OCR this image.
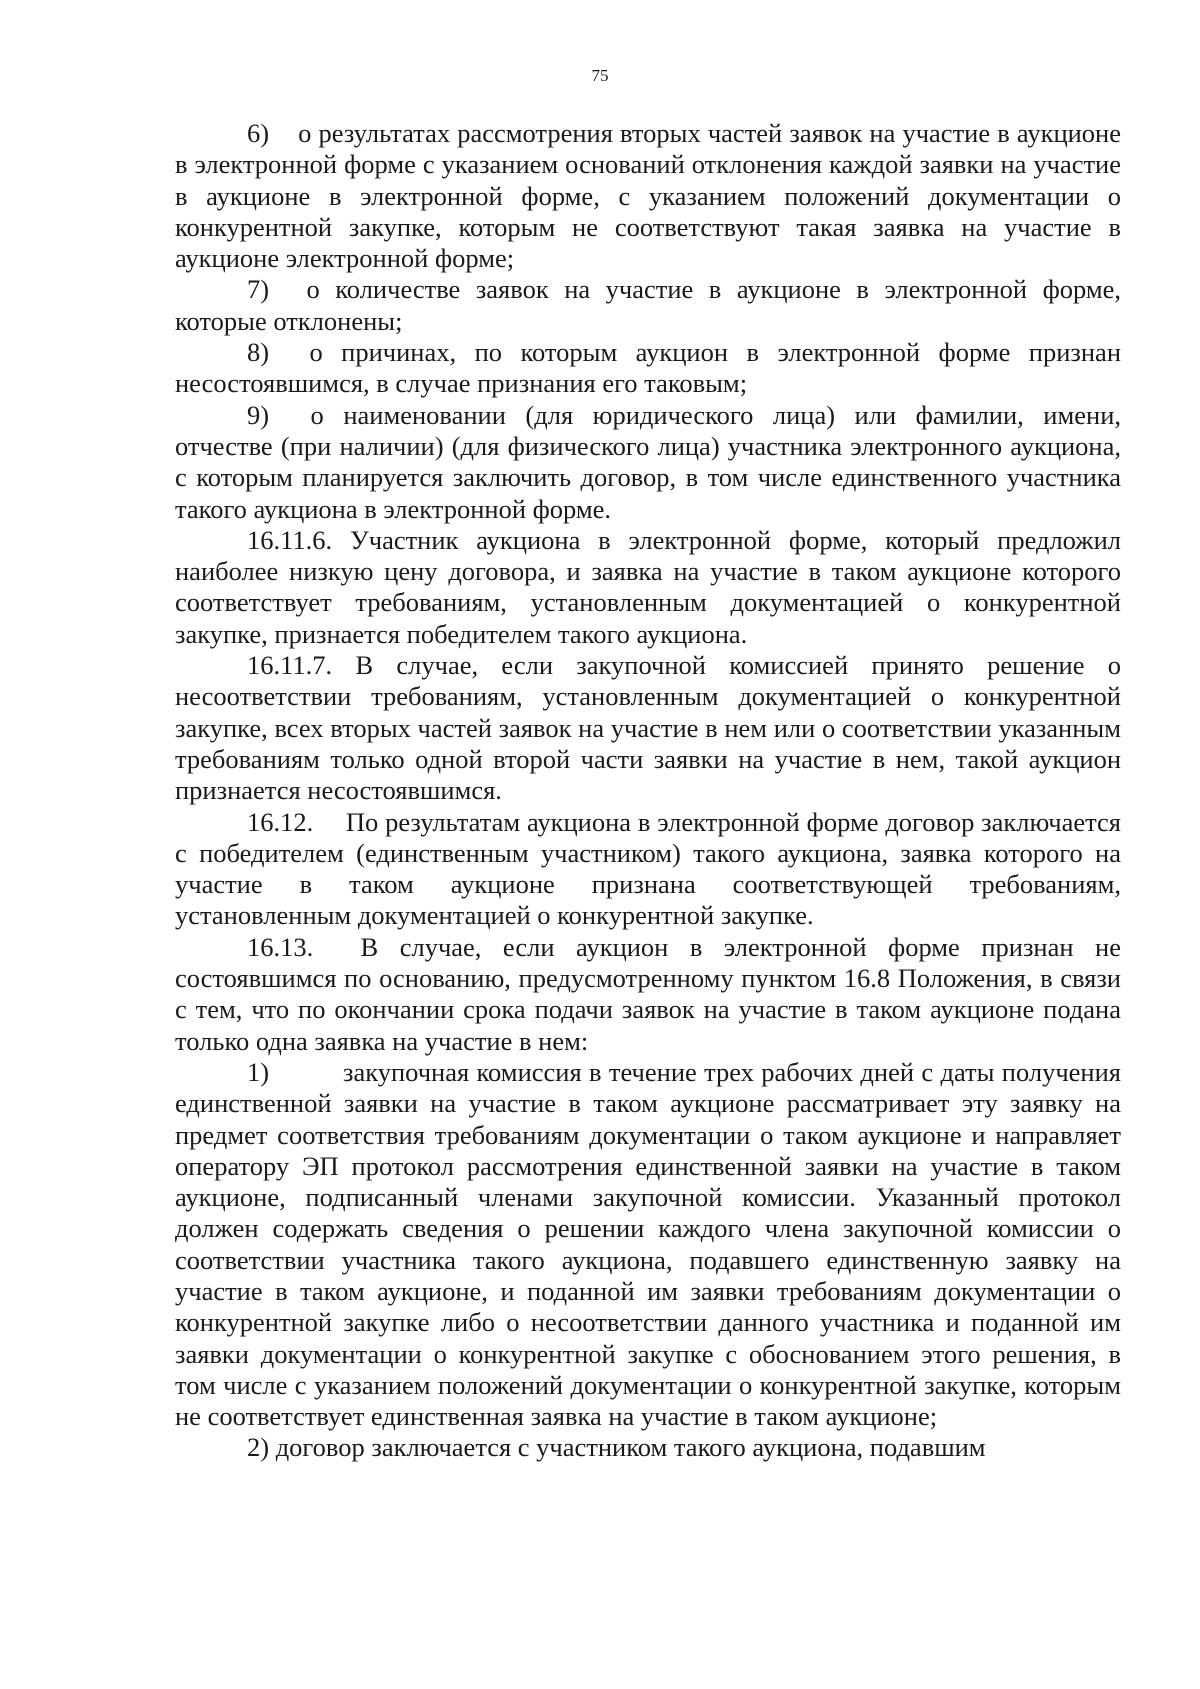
75

6) о результатах рассмотрения вторых частей заявок на участие в аукционе в электронной форме с указанием оснований отклонения каждой заявки на участие в аукционе в электронной форме, с указанием положений документации о конкурентной закупке, которым не соответствуют такая заявка на участие в аукционе электронной форме;

7) о количестве заявок на участие в аукционе в электронной форме, которые отклонены;

8) о причинах, по которым аукцион в электронной форме признан несостоявшимся, в случае признания его таковым;

9) о наименовании (для юридического лица) или фамилии, имени, отчестве (при наличии) (для физического лица) участника электронного аукциона, с которым планируется заключить договор, в том числе единственного участника такого аукциона в электронной форме.

16.11.6. Участник аукциона в электронной форме, который предложил наиболее низкую цену договора, и заявка на участие в таком аукционе которого соответствует требованиям, установленным документацией о конкурентной закупке, признается победителем такого аукциона.

16.11.7. В случае, если закупочной комиссией принято решение о несоответствии требованиям, установленным документацией о конкурентной закупке, всех вторых частей заявок на участие в нем или о соответствии указанным требованиям только одной второй части заявки на участие в нем, такой аукцион признается несостоявшимся.

16.12. По результатам аукциона в электронной форме договор заключается с победителем (единственным участником) такого аукциона, заявка которого на участие в таком аукционе признана соответствующей требованиям, установленным документацией о конкурентной закупке.

16.13. В случае, если аукцион в электронной форме признан не состоявшимся по основанию, предусмотренному пунктом 16.8 Положения, в связи с тем, что по окончании срока подачи заявок на участие в таком аукционе подана только одна заявка на участие в нем:

1)	закупочная комиссия в течение трех рабочих дней с даты получения единственной заявки на участие в таком аукционе рассматривает эту заявку на предмет соответствия требованиям документации о таком аукционе и направляет оператору ЭП протокол рассмотрения единственной заявки на участие в таком аукционе, подписанный членами закупочной комиссии. Указанный протокол должен содержать сведения о решении каждого члена закупочной комиссии о соответствии участника такого аукциона, подавшего единственную заявку на участие в таком аукционе, и поданной им заявки требованиям документации о конкурентной закупке либо о несоответствии данного участника и поданной им заявки документации о конкурентной закупке с обоснованием этого решения, в том числе с указанием положений документации о конкурентной закупке, которым не соответствует единственная заявка на участие в таком аукционе;

2) договор заключается с участником такого аукциона, подавшим
